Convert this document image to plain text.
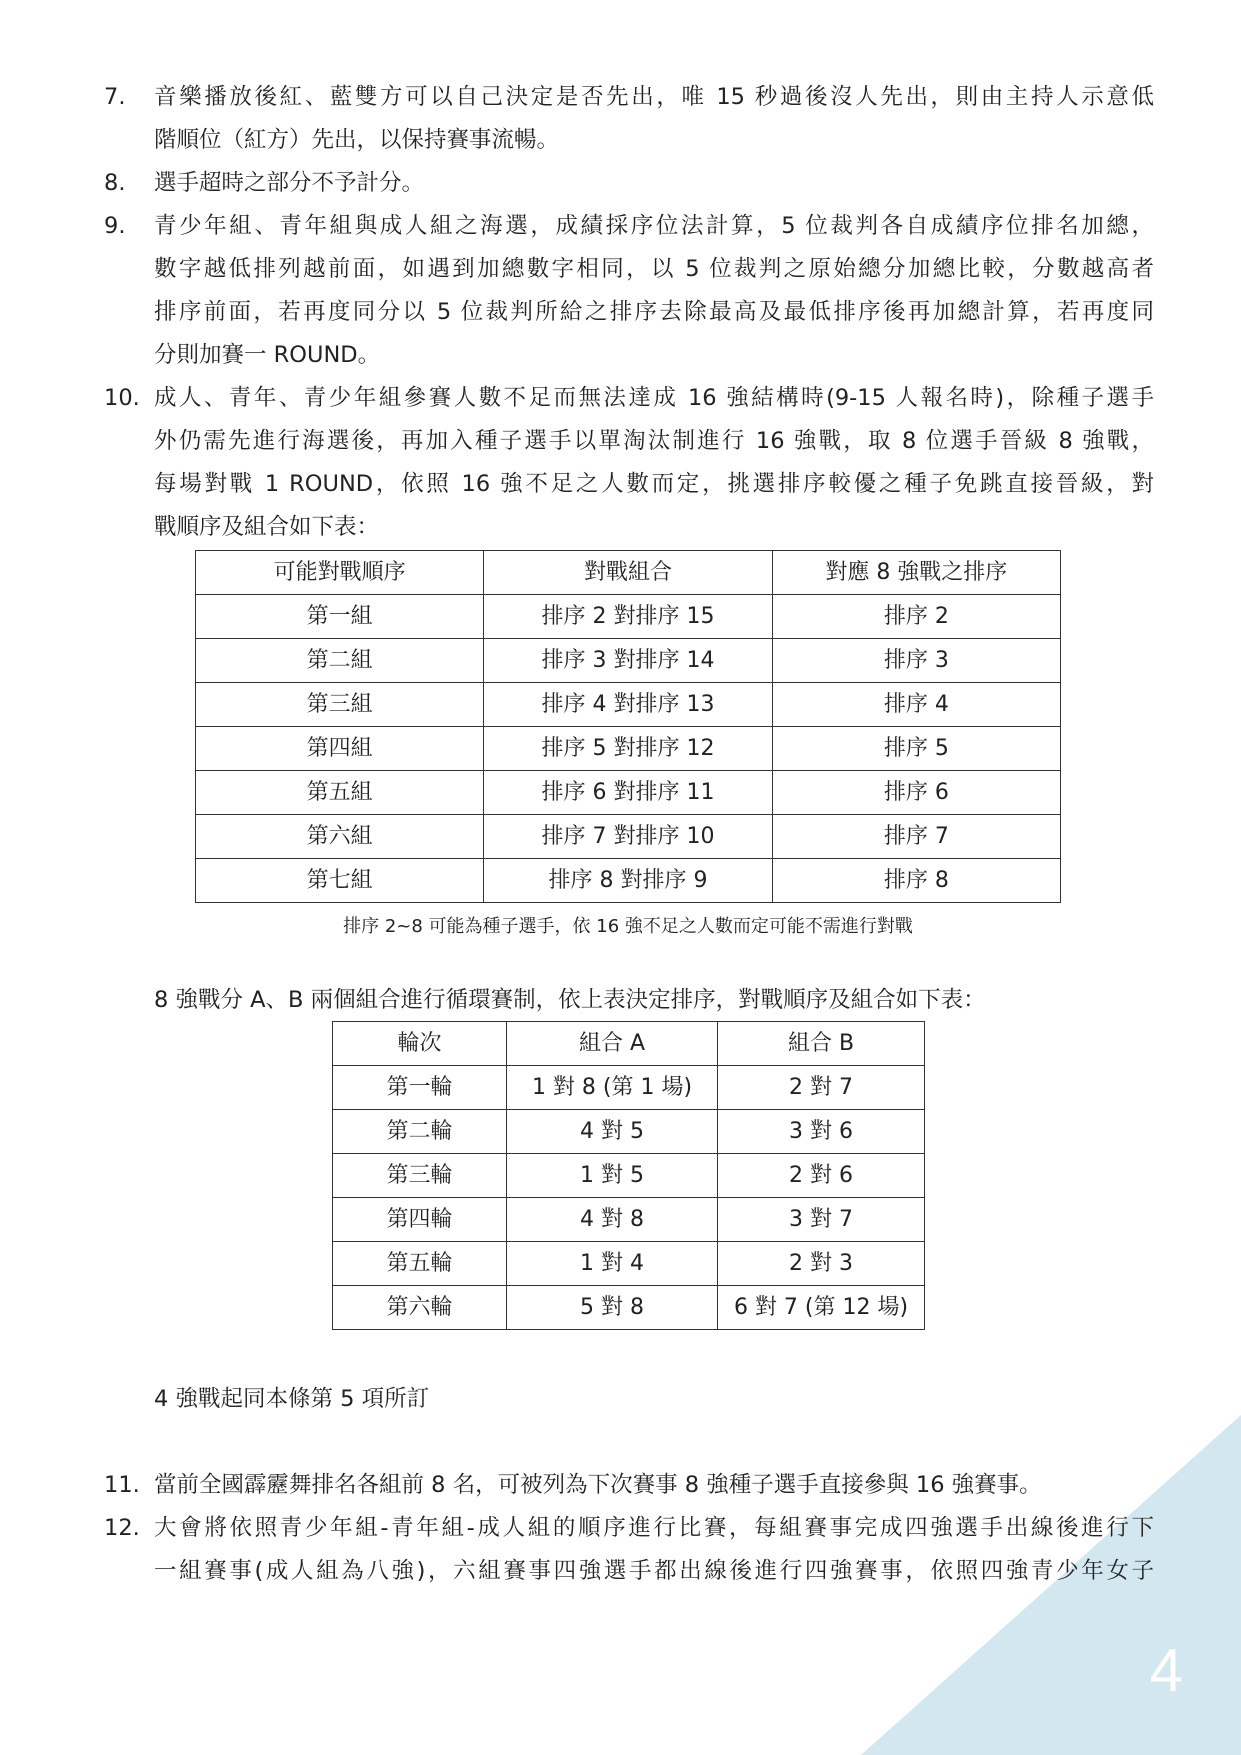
4
7. 音樂播放後紅、藍雙方可以自己決定是否先出，唯 15 秒過後沒人先出，則由主持人示意低
階順位（紅方）先出，以保持賽事流暢。
8. 選手超時之部分不予計分。
9. 青少年組、青年組與成人組之海選，成績採序位法計算，5 位裁判各自成績序位排名加總，
數字越低排列越前面，如遇到加總數字相同，以 5 位裁判之原始總分加總比較，分數越高者
排序前面，若再度同分以 5 位裁判所給之排序去除最高及最低排序後再加總計算，若再度同
分則加賽一 ROUND。
10. 成人、青年、青少年組參賽人數不足而無法達成 16 強結構時(9-15 人報名時)，除種子選手
外仍需先進行海選後，再加入種子選手以單淘汰制進行 16 強戰，取 8 位選手晉級 8 強戰，
每場對戰 1 ROUND，依照 16 強不足之人數而定，挑選排序較優之種子免跳直接晉級，對
戰順序及組合如下表：
可能對戰順序	對戰組合	對應 8 強戰之排序
第一組	排序 2 對排序 15	排序 2
第二組	排序 3 對排序 14	排序 3
第三組	排序 4 對排序 13	排序 4
第四組	排序 5 對排序 12	排序 5
第五組	排序 6 對排序 11	排序 6
第六組	排序 7 對排序 10	排序 7
第七組	排序 8 對排序 9	排序 8
排序 2~8 可能為種子選手，依 16 強不足之人數而定可能不需進行對戰
8 強戰分 A、B 兩個組合進行循環賽制，依上表決定排序，對戰順序及組合如下表：
輪次	組合 A	組合 B
第一輪	1 對 8 (第 1 場)	2 對 7
第二輪	4 對 5	3 對 6
第三輪	1 對 5	2 對 6
第四輪	4 對 8	3 對 7
第五輪	1 對 4	2 對 3
第六輪	5 對 8	6 對 7 (第 12 場)
4 強戰起同本條第 5 項所訂
11. 當前全國霹靂舞排名各組前 8 名，可被列為下次賽事 8 強種子選手直接參與 16 強賽事。
12. 大會將依照青少年組-青年組-成人組的順序進行比賽，每組賽事完成四強選手出線後進行下
一組賽事(成人組為八強)，六組賽事四強選手都出線後進行四強賽事，依照四強青少年女子
